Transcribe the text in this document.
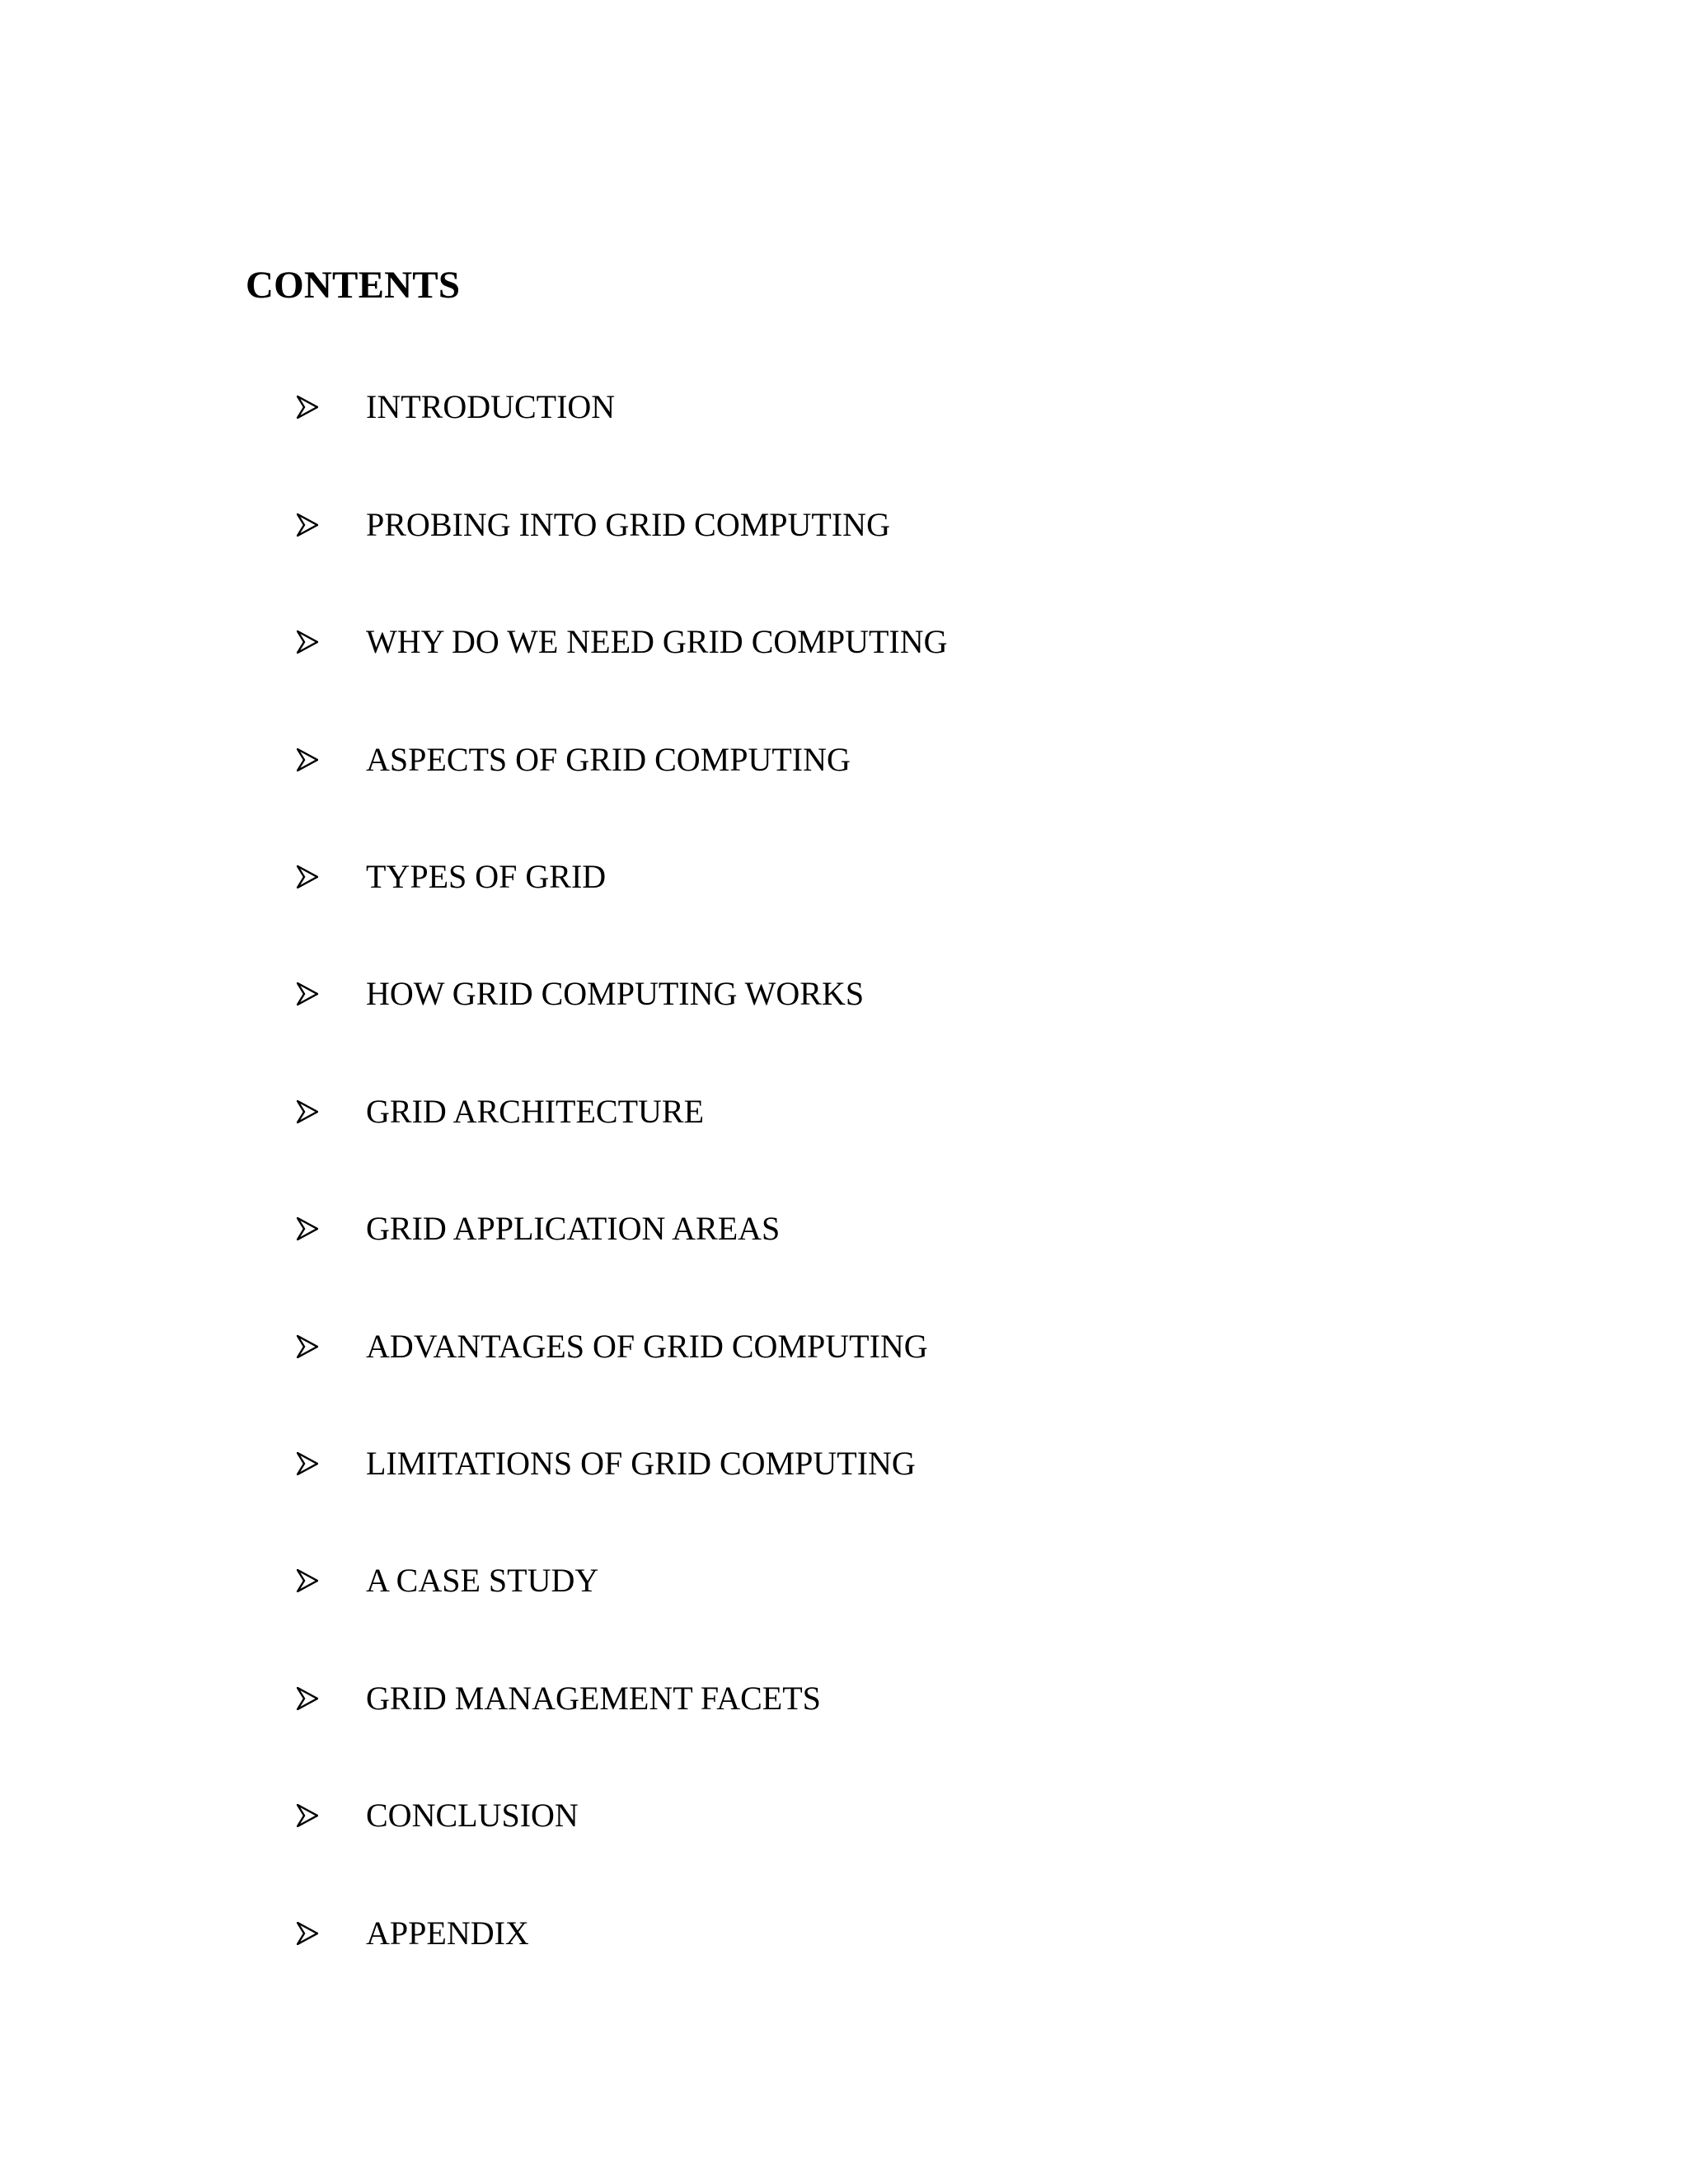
CONTENTS
INTRODUCTION
PROBING INTO GRID COMPUTING
WHY DO WE NEED GRID COMPUTING
ASPECTS OF GRID COMPUTING
TYPES OF GRID
HOW GRID COMPUTING WORKS
GRID ARCHITECTURE
GRID APPLICATION AREAS
ADVANTAGES OF GRID COMPUTING
LIMITATIONS OF GRID COMPUTING
A CASE STUDY
GRID MANAGEMENT FACETS
CONCLUSION
APPENDIX
